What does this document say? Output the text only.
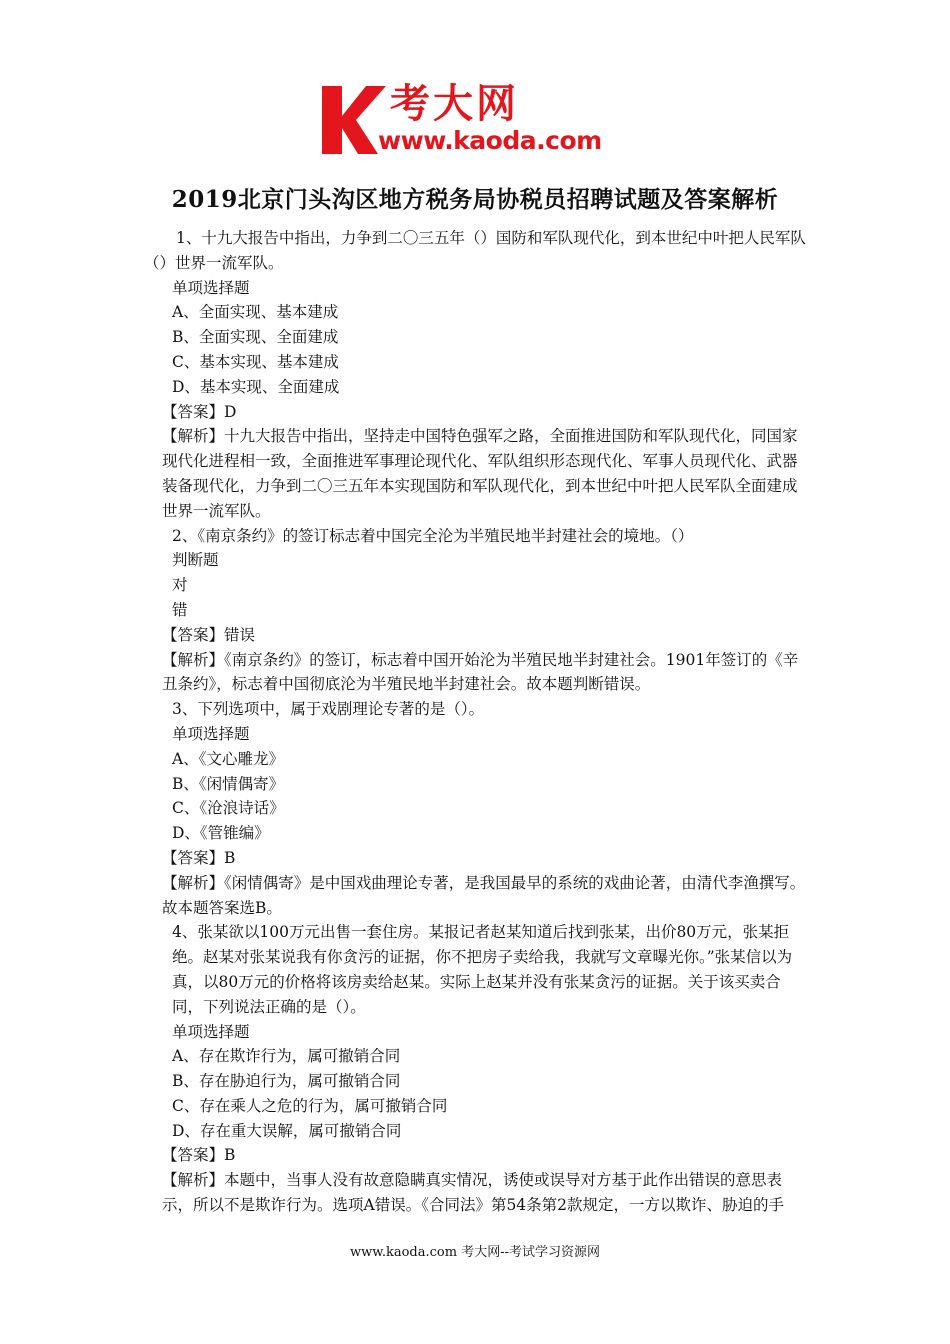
考大网
www.kaoda.com
2019北京门头沟区地方税务局协税员招聘试题及答案解析

1、十九大报告中指出，力争到二〇三五年（）国防和军队现代化，到本世纪中叶把人民军队（）世界一流军队。

单项选择题

A、全面实现、基本建成

B、全面实现、全面建成

C、基本实现、基本建成

D、基本实现、全面建成

【答案】D

【解析】十九大报告中指出，坚持走中国特色强军之路，全面推进国防和军队现代化，同国家现代化进程相一致，全面推进军事理论现代化、军队组织形态现代化、军事人员现代化、武器装备现代化，力争到二〇三五年本实现国防和军队现代化，到本世纪中叶把人民军队全面建成世界一流军队。

2、《南京条约》的签订标志着中国完全沦为半殖民地半封建社会的境地。（）

判断题

对

错

【答案】错误

【解析】《南京条约》的签订，标志着中国开始沦为半殖民地半封建社会。1901年签订的《辛丑条约》，标志着中国彻底沦为半殖民地半封建社会。故本题判断错误。

3、下列选项中，属于戏剧理论专著的是（）。

单项选择题

A、《文心雕龙》

B、《闲情偶寄》

C、《沧浪诗话》

D、《管锥编》

【答案】B

【解析】《闲情偶寄》是中国戏曲理论专著，是我国最早的系统的戏曲论著，由清代李渔撰写。故本题答案选B。

4、张某欲以100万元出售一套住房。某报记者赵某知道后找到张某，出价80万元，张某拒绝。赵某对张某说我有你贪污的证据，你不把房子卖给我，我就写文章曝光你。”张某信以为真，以80万元的价格将该房卖给赵某。实际上赵某并没有张某贪污的证据。关于该买卖合同，下列说法正确的是（）。

单项选择题

A、存在欺诈行为，属可撤销合同

B、存在胁迫行为，属可撤销合同

C、存在乘人之危的行为，属可撤销合同

D、存在重大误解，属可撤销合同

【答案】B

【解析】本题中，当事人没有故意隐瞒真实情况，诱使或误导对方基于此作出错误的意思表示，所以不是欺诈行为。选项A错误。《合同法》第54条第2款规定，一方以欺诈、胁迫的手

www.kaoda.com 考大网--考试学习资源网
